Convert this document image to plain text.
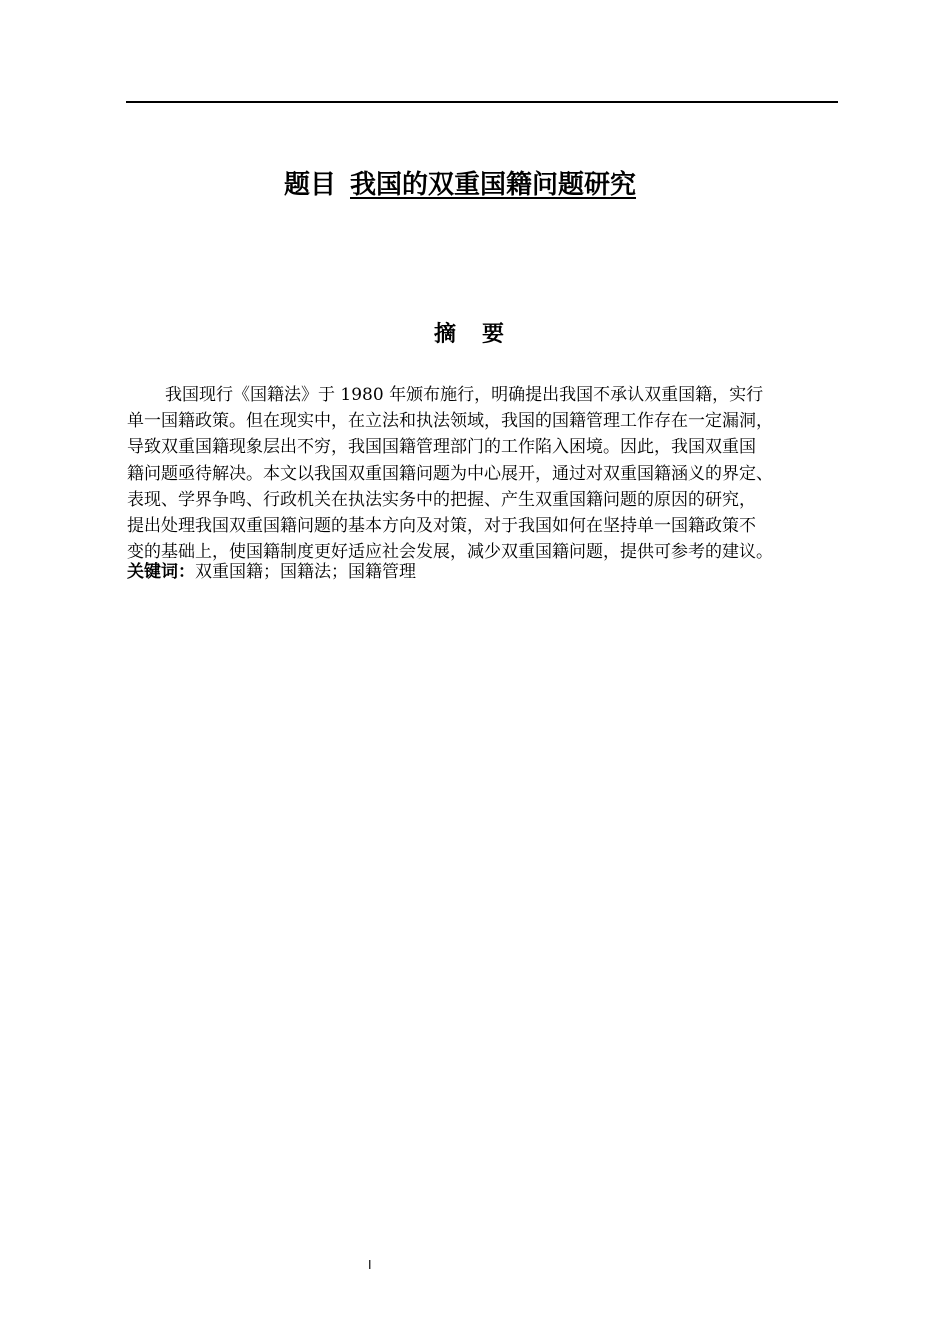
题目 我国的双重国籍问题研究
摘要
我国现行《国籍法》于 1980 年颁布施行，明确提出我国不承认双重国籍，实行
单一国籍政策。但在现实中，在立法和执法领域，我国的国籍管理工作存在一定漏洞，
导致双重国籍现象层出不穷，我国国籍管理部门的工作陷入困境。因此，我国双重国
籍问题亟待解决。本文以我国双重国籍问题为中心展开，通过对双重国籍涵义的界定、
表现、学界争鸣、行政机关在执法实务中的把握、产生双重国籍问题的原因的研究，
提出处理我国双重国籍问题的基本方向及对策，对于我国如何在坚持单一国籍政策不
变的基础上，使国籍制度更好适应社会发展，减少双重国籍问题，提供可参考的建议。
关键词：双重国籍；国籍法；国籍管理
I
